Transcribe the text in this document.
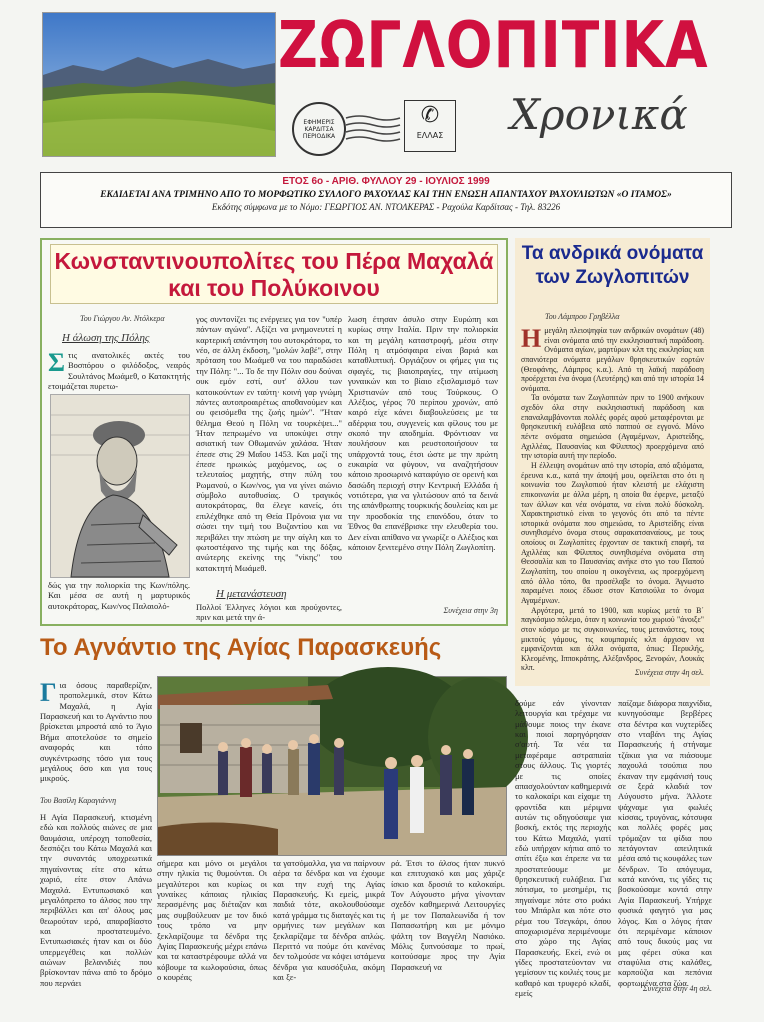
ΖΩΓΛΟΠΙΤΙΚΑ
Χρονικά
ΕΦΗΜΕΡΙΣ ΚΑΡΔΙΤΣΑ ΠΕΡΙΟΔΙΚΑ
✆
ΕΛΛΑΣ
ΕΤΟΣ 6ο - ΑΡΙΘ. ΦΥΛΛΟΥ 29 - ΙΟΥΛΙΟΣ 1999
ΕΚΔΙΔΕΤΑΙ ΑΝΑ ΤΡΙΜΗΝΟ ΑΠΟ ΤΟ ΜΟΡΦΩΤΙΚΟ ΣΥΛΛΟΓΟ ΡΑΧΟΥΛΑΣ ΚΑΙ ΤΗΝ ΕΝΩΣΗ ΑΠΑΝΤΑΧΟΥ ΡΑΧΟΥΛΙΩΤΩΝ «Ο ΙΤΑΜΟΣ»
Εκδότης σύμφωνα με το Νόμο: ΓΕΩΡΓΙΟΣ ΑΝ. ΝΤΟΛΚΕΡΑΣ - Ραχούλα Καρδίτσας - Τηλ. 83226
Κωνσταντινουπολίτες του Πέρα Μαχαλά και του Πολύκοινου
Του Γιώργου Αν. Ντόλκερα
Η άλωση της Πόλης
Σ τις ανατολικές ακτές του Βοσπόρου ο φιλόδοξος, νεαρός Σουλτάνος Μωάμεθ, ο Κατακτητής ετοιμάζεται πυρετω-
δώς για την πολιορκία της Κων/πόλης. Και μέσα σε αυτή η μαρτυρικός αυτοκράτορας, Κων/νος Παλαιολό-
γος συντονίζει τις ενέργειες για τον "υπέρ πάντων αγώνα". Αξίζει να μνημονευτεί η καρτερική απάντηση του αυτοκράτορα, το νέο, σε άλλη έκδοση, "μολών λαβέ", στην πρόταση του Μωάμεθ να του παραδώσει την Πόλη: "... Το δε την Πόλιν σου δούναι ουκ εμόν εστί, ουτ' άλλου των κατοικούντων εν ταύτη· κοινή γαρ γνώμη πάντες αυτοπροαιρέτως αποθανούμεν και ου φεισόμεθα της ζωής ημών". "Ήταν θέλημα Θεού η Πόλη να τουρκέψει..." Ήταν πεπρωμένο να υποκύψει στην ασιατική των Οθωμανών χαλάσα. Ήταν έπεσε στις 29 Μαΐου 1453. Και μαζί της έπεσε ηρωικώς μαχόμενος, ως ο τελευταίος μαχητής, στην πύλη του Ρωμανού, ο Κων/νος, για να γίνει αιώνιο σύμβολο αυτοθυσίας. Ο τραγικός αυτοκράτορας, θα έλεγε κανείς, ότι επιλέχθηκε από τη Θεία Πρόνοια για να σώσει την τιμή του Βυζαντίου και να περιβάλει την πτώση με την αίγλη και το φωτοστέφανο της τιμής και της δόξας, ανώτερης εκείνης της "νίκης" του κατακτητή Μωάμεθ.
Η μετανάστευση
Πολλοί Έλληνες λόγιοι και προύχοντες, πριν και μετά την ά-
λωση έτησαν άσυλο στην Ευρώπη και κυρίως στην Ιταλία. Πριν την πολιορκία και τη μεγάλη καταστροφή, μέσα στην Πόλη η ατμόσφαιρα είναι βαριά και καταθλιπτική. Οργιάζουν οι φήμες για τις σφαγές, τις βιαιοπραγίες, την ατίμωση γυναικών και το βίαιο εξισλαμισμό των Χριστιανών από τους Τούρκους. Ο Αλέξιος, γέρος 70 περίπου χρονών, από καιρό είχε κάνει διαβουλεύσεις με τα αδέρφια του, συγγενείς και φίλους του με σκοπό την αποδημία. Φρόντισαν να πουλήσουν και ρευστοποιήσουν τα υπάρχοντά τους, έτσι ώστε με την πρώτη ευκαιρία να φύγουν, να αναζητήσουν κάποιο προσωρινό καταφύγιο σε ορεινή και δασώδη περιοχή στην Κεντρική Ελλάδα ή νοτιότερα, για να γλιτώσουν από τα δεινά της απάνθρωπης τουρκικής δουλείας και με την προσδοκία της επανόδου, όταν το Έθνος θα επανέβρισκε την ελευθερία του. Δεν είναι απίθανο να γνωρίζε ο Αλέξιος και κάποιον ξενιτεμένο στην Πόλη Ζωγλοπίτη.
Συνέχεια στην 3η
Τα ανδρικά ονόματα των Ζωγλοπιτών
Του Λάμπρου Γρηβέλλα
Η μεγάλη πλειοψηφία των ανδρικών ονομάτων (48) είναι ονόματα από την εκκλησιαστική παράδοση. Ονόματα αγίων, μαρτύρων κλπ της εκκλησίας και σπανιότερα ονόματα μεγάλων θρησκευτικών εορτών (Θεοφάνης, Λάμπρος κ.α.). Από τη λαϊκή παράδοση προέρχεται ένα όνομα (Λευτέρης) και από την ιστορία 14 ονόματα.
Τα ονόματα των Ζωγλοπιτών πριν το 1900 ανήκουν σχεδόν όλα στην εκκλησιαστική παράδοση και επαναλαμβάνονται πολλές φορές αφού μεταφέρονται με θρησκευτική ευλάβεια από παππού σε εγγονό. Μόνο πέντε ονόματα σημειώσα (Αγαμέμνων, Αριστείδης, Αχιλλέας, Παυσανίας και Φίλιππος) προερχόμενα από την ιστορία αυτή την περίοδο.
Η έλλειψη ονομάτων από την ιστορία, από αξιόματα, έρευνα κ.α., κατά την άποψή μου, οφείλεται στο ότι η κοινωνία του Ζωγλοπιού ήταν κλειστή με ελάχιστη επικοινωνία με άλλα μέρη, η οποία θα έφερνε, μεταξύ των άλλων και νέα ονόματα, να είναι πολύ δύσκολη. Χαρακτηριστικό είναι το γεγονός ότι από τα πέντε ιστορικά ονόματα που σημειώσα, το Αριστείδης είναι συνηθισμένο όνομα στους σαρακατσαναίους, με τους οποίους οι Ζωγλοπίτες έρχονταν σε τακτική επαφή, τα Αχιλλέας και Φίλιππος συνηθισμένα ονόματα στη Θεσσαλία και το Παυσανίας ανήκε στο γιο του Παπού Ζωγλοπίτη, του οποίου η οικογένεια, ως προερχόμενη από άλλο τόπο, θα προσέλαβε το όνομα. Άγνωστο παραμένει ποιος έδωσε στον Κατσιούλα το όνομα Αγαμέμνων.
Αργότερα, μετά το 1900, και κυρίως μετά το Β΄ παγκόσμιο πόλεμο, όταν η κοινωνία του χωριού "άνοιξε" στον κόσμο με τις συγκοινωνίες, τους μετανάστες, τους μικτούς γάμους, τις κουμπαριές κλπ άρχισαν να εμφανίζονται και άλλα ονόματα, όπως: Περικλής, Κλεομένης, Ιπποκράτης, Αλέξανδρος, Ξενοφών, Λουκάς κλπ.
Συνέχεια στην 4η σελ.
Το Αγνάντιο της Αγίας Παρασκευής
Γ ια όσους παραθερίζαν, προπολεμικά, στον Κάτω Μαχαλά, η Αγία Παρασκευή και το Αγνάντιο που βρίσκεται μπροστά από το Άγιο Βήμα αποτελούσε το σημείο αναφοράς και τόπο συγκέντρωσης τόσο για τους μεγάλους όσο και για τους μικρούς.
Του Βασίλη Καραγιάννη
Η Αγία Παρασκευή, κτισμένη εδώ και πολλούς αιώνες σε μια θαυμάσια, υπέροχη τοποθεσία, δεσπόζει του Κάτω Μαχαλά και την συναντάς υποχρεωτικά πηγαίνοντας είτε στο κάτω χωριό, είτε στον Απάνω Μαχαλά. Εντυπωσιακό και μεγαλόπρεπο το άλσος που την περιβάλλει και απ' όλους μας θεωρούταν ιερό, απαραβίαστο και προστατευμένο. Εντυπωσιακές ήταν και οι δύο υπερμεγέθεις και πολλών αιώνων βελανιδιές που βρίσκονταν πάνω από το δρόμο που περνάει
σήμερα και μόνο οι μεγάλοι στην ηλικία τις θυμούνται. Οι μεγαλύτεροι και κυρίως οι γυναίκες κάποιας ηλικίας περασμένης μας διέταζαν και μας συμβούλευαν με τον δικό τους τρόπο να μην ξεκλαρίζουμε τα δένδρα της Αγίας Παρασκευής μέχρι επάνω και τα καταστρέφουμε αλλά να κόβουμε τα κωλοφούσια, όπως ο κουρέας
τα γατσόμαλλα, για να παίρνουν αέρα τα δένδρα και να έχουμε και την ευχή της Αγίας Παρασκευής. Κι εμείς, μικρά παιδιά τότε, ακολουθούσαμε κατά γράμμα τις διαταγές και τις ορμήνιες των μεγάλων και ξεκλαρίζαμε τα δένδρα απλώς. Περιττό να πούμε ότι κανένας δεν τολμούσε να κόψει ιστάμενα δένδρα για καυσόξυλα, ακόμη και ξε-
ρά. Έτσι το άλσος ήταν πυκνό και επιτυχιακό και μας χάριζε ίσκιο και δροσιά το καλοκαίρι. Τον Αύγουστο μήνα γίνονταν σχεδόν καθημερινά Λειτουργίες ή με τον Παπαλεωνίδα ή τον Παπασωτήρη και με μόνιμο ψάλτη τον Βαγγέλη Νασιόκο. Μόλις ξυπνούσαμε το πρωί, κοιτούσαμε προς την Αγία Παρασκευή να
δούμε εάν γίνονταν λειτουργία και τρέχαμε να μάθουμε ποιος την έκανε και ποιοί παρηγόρησαν σ'αυτή. Τα νέα τα μεταφέραμε αστραπιαία στους άλλους. Τις γιορτές με τις οποίες απασχολούνταν καθημερινά το καλοκαίρι και είχαμε τη φροντίδα και μέριμνα αυτών τις οδηγούσαμε για βοσκή, εκτός της περιοχής του Κάτω Μαχαλά, γιατί εδώ υπήρχαν κήπια από το σπίτι έξω και έπρεπε να τα προστατεύουμε με θρησκευτική ευλάβεια. Για πότισμα, το μεσημέρι, τις πηγαίναμε πότε στο ρυάκι του Μπάρλα και πότε στο ρέμα του Τσεγκάρι, όπου αποχωρισμένα περιμένουμε στο χώρο της Αγίας Παρασκευής. Εκεί, ενώ οι γίδες προστατεύονταν να γεμίσουν τις κοιλιές τους με καθαρό και τρυφερό κλαδί, εμείς
παίζαμε διάφορα παιχνίδια, κυνηγούσαμε βερβέρες στα δέντρα και νυχτερίδες στο νταβάνι της Αγίας Παρασκευής ή στήναμε τζάκια για να πιάσουμε παχουλά τσούπια που έκαναν την εμφάνισή τους σε ξερά κλαδιά τον Αύγουστο μήνα. Άλλοτε ψάχναμε για φωλιές κίσσας, τρυγόνας, κότσυφα και πολλές φορές μας τρόμαζαν τα φίδια που πετάγονταν απειλητικά μέσα από τις κουφάλες των δένδρων. Το απόγευμα, κατά κανόνα, τις γίδες τις βοσκούσαμε κοντά στην Αγία Παρασκευή. Υπήρχε φυσικά φαγητό για μας λόγος. Και ο λόγος ήταν ότι περιμέναμε κάποιον από τους δικούς μας να μας φέρει σύκα και σταφύλια στις καλάθες, καρπούζια και πεπόνια φορτωμένα στα ζώα.
Συνέχεια στην 4η σελ.
